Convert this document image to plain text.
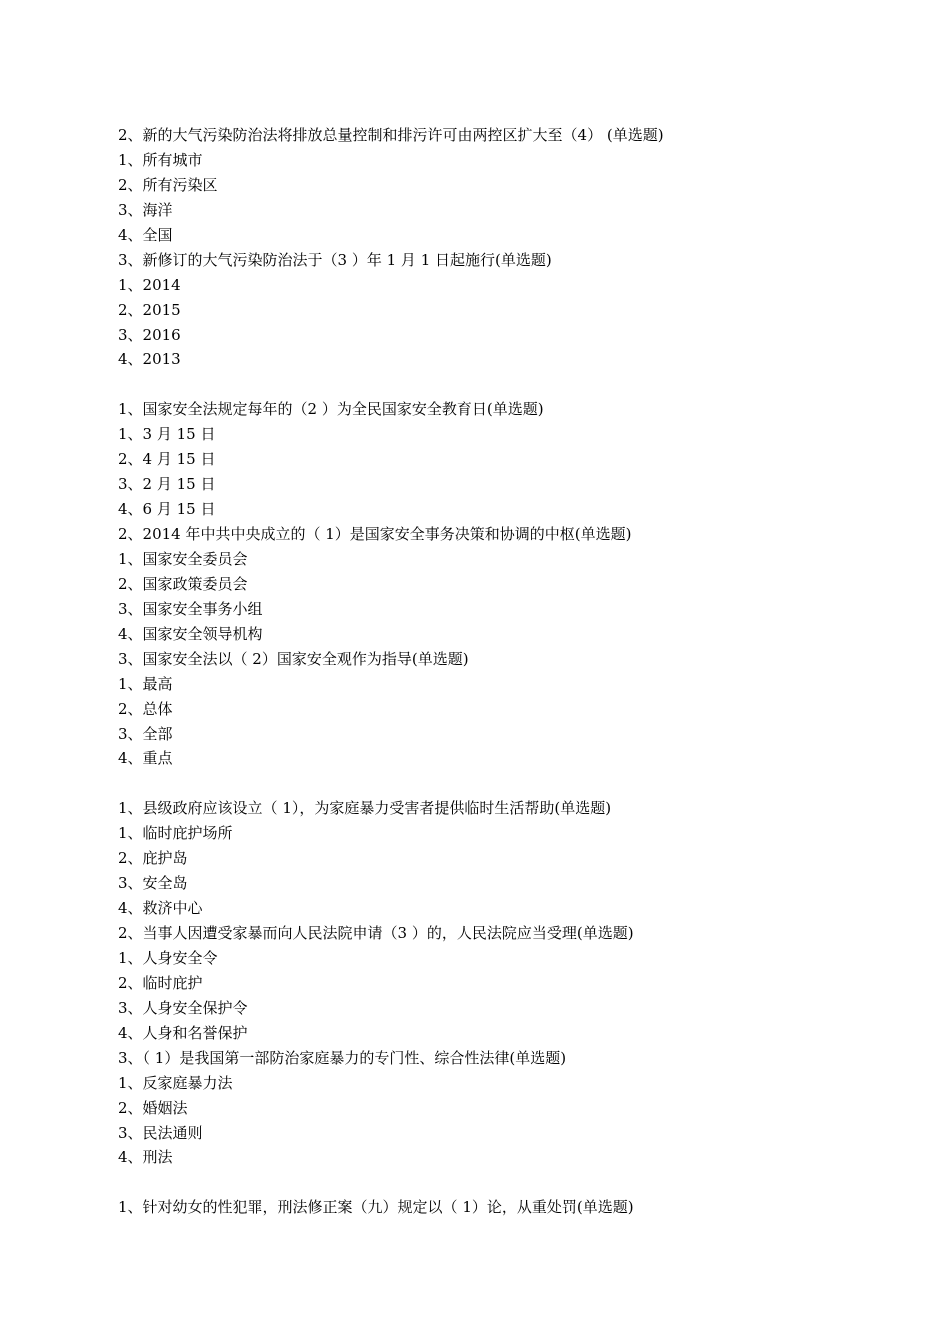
2、新的大气污染防治法将排放总量控制和排污许可由两控区扩大至（4） (单选题)
1、所有城市
2、所有污染区
3、海洋
4、全国
3、新修订的大气污染防治法于（3 ）年 1 月 1 日起施行(单选题)
1、2014
2、2015
3、2016
4、2013
1、国家安全法规定每年的（2 ）为全民国家安全教育日(单选题)
1、3 月 15 日
2、4 月 15 日
3、2 月 15 日
4、6 月 15 日
2、2014 年中共中央成立的（ 1）是国家安全事务决策和协调的中枢(单选题)
1、国家安全委员会
2、国家政策委员会
3、国家安全事务小组
4、国家安全领导机构
3、国家安全法以（ 2）国家安全观作为指导(单选题)
1、最高
2、总体
3、全部
4、重点
1、县级政府应该设立（ 1），为家庭暴力受害者提供临时生活帮助(单选题)
1、临时庇护场所
2、庇护岛
3、安全岛
4、救济中心
2、当事人因遭受家暴而向人民法院申请（3 ）的，人民法院应当受理(单选题)
1、人身安全令
2、临时庇护
3、人身安全保护令
4、人身和名誉保护
3、（ 1）是我国第一部防治家庭暴力的专门性、综合性法律(单选题)
1、反家庭暴力法
2、婚姻法
3、民法通则
4、刑法
1、针对幼女的性犯罪，刑法修正案（九）规定以（ 1）论，从重处罚(单选题)
